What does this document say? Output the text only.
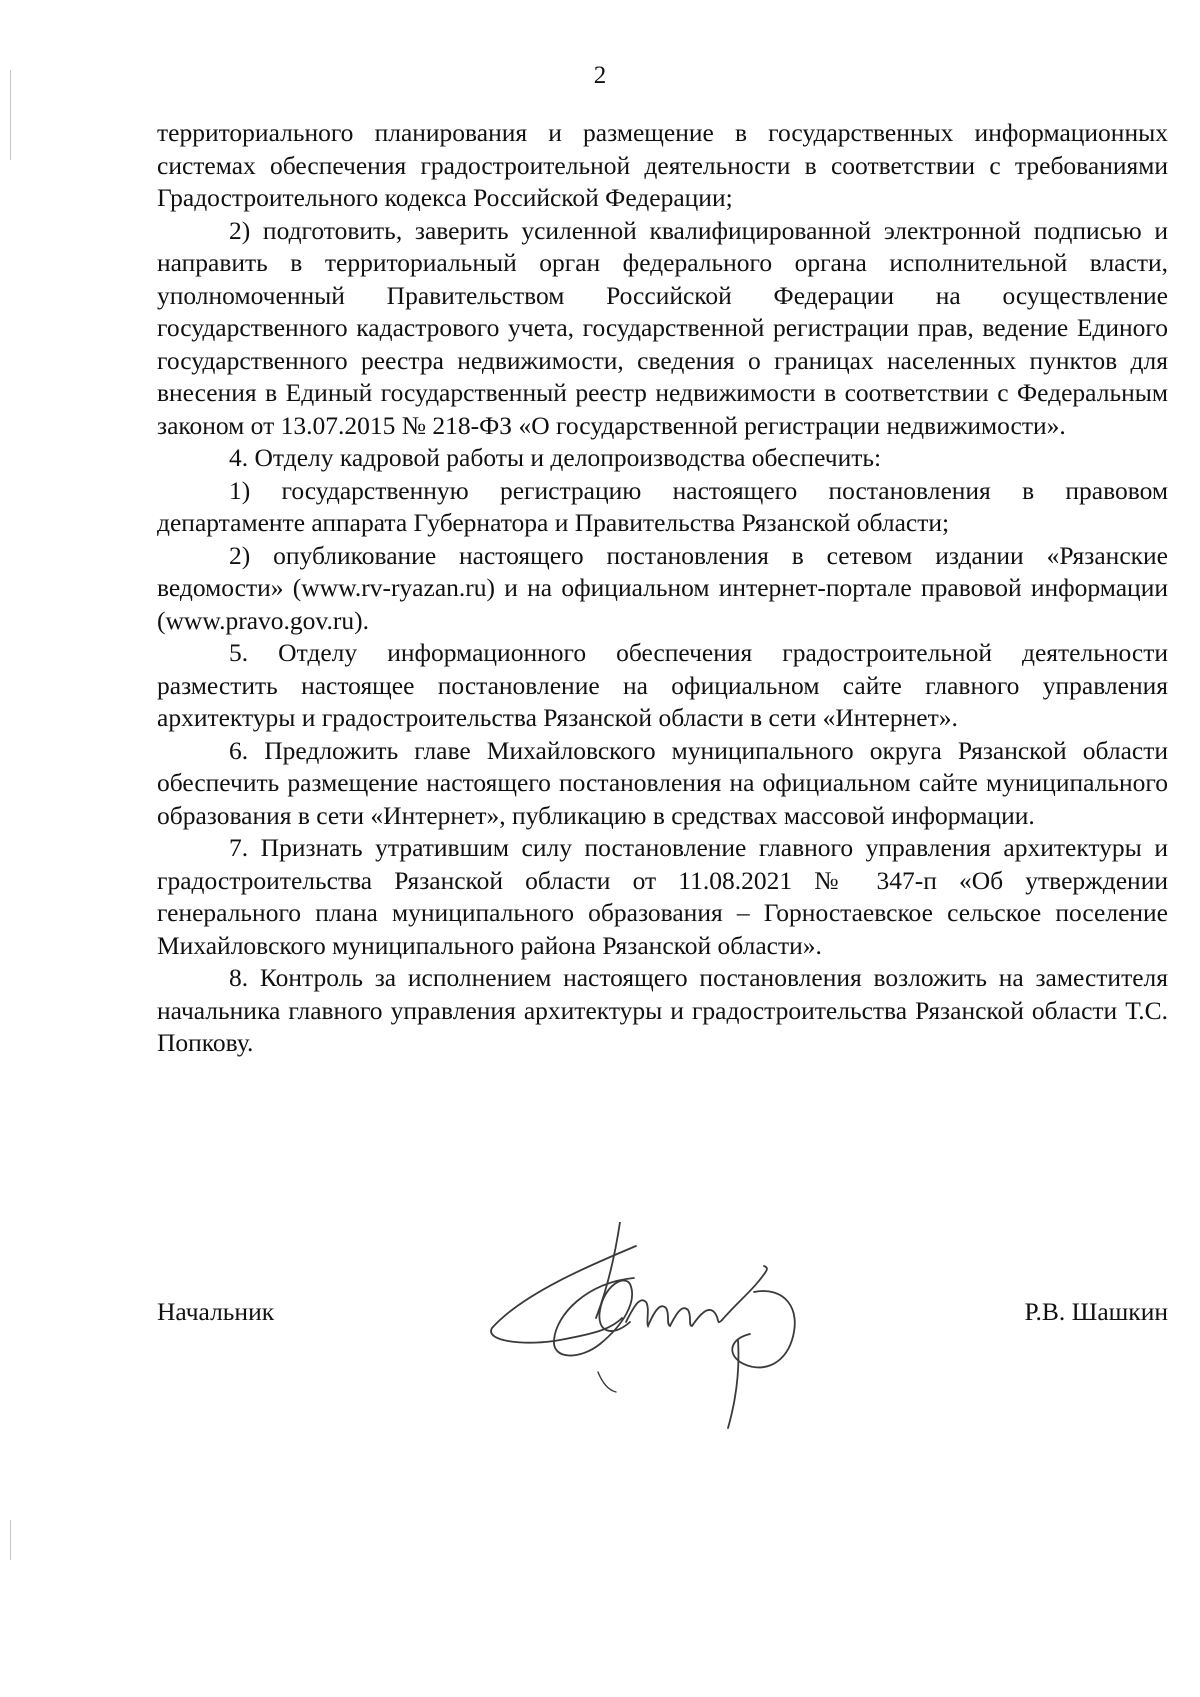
2

территориального планирования и размещение в государственных информационных системах обеспечения градостроительной деятельности в соответствии с требованиями Градостроительного кодекса Российской Федерации;

2) подготовить, заверить усиленной квалифицированной электронной подписью и направить в территориальный орган федерального органа исполнительной власти, уполномоченный Правительством Российской Федерации на осуществление государственного кадастрового учета, государственной регистрации прав, ведение Единого государственного реестра недвижимости, сведения о границах населенных пунктов для внесения в Единый государственный реестр недвижимости в соответствии с Федеральным законом от 13.07.2015 № 218-ФЗ «О государственной регистрации недвижимости».

4. Отделу кадровой работы и делопроизводства обеспечить:

1) государственную регистрацию настоящего постановления в правовом департаменте аппарата Губернатора и Правительства Рязанской области;

2) опубликование настоящего постановления в сетевом издании «Рязанские ведомости» (www.rv-ryazan.ru) и на официальном интернет-портале правовой информации (www.pravo.gov.ru).

5. Отделу информационного обеспечения градостроительной деятельности разместить настоящее постановление на официальном сайте главного управления архитектуры и градостроительства Рязанской области в сети «Интернет».

6. Предложить главе Михайловского муниципального округа Рязанской области обеспечить размещение настоящего постановления на официальном сайте муниципального образования в сети «Интернет», публикацию в средствах массовой информации.

7. Признать утратившим силу постановление главного управления архитектуры и градостроительства Рязанской области от 11.08.2021 № 347-п «Об утверждении генерального плана муниципального образования – Горностаевское сельское поселение Михайловского муниципального района Рязанской области».

8. Контроль за исполнением настоящего постановления возложить на заместителя начальника главного управления архитектуры и градостроительства Рязанской области Т.С. Попкову.

Начальник	Р.В. Шашкин
